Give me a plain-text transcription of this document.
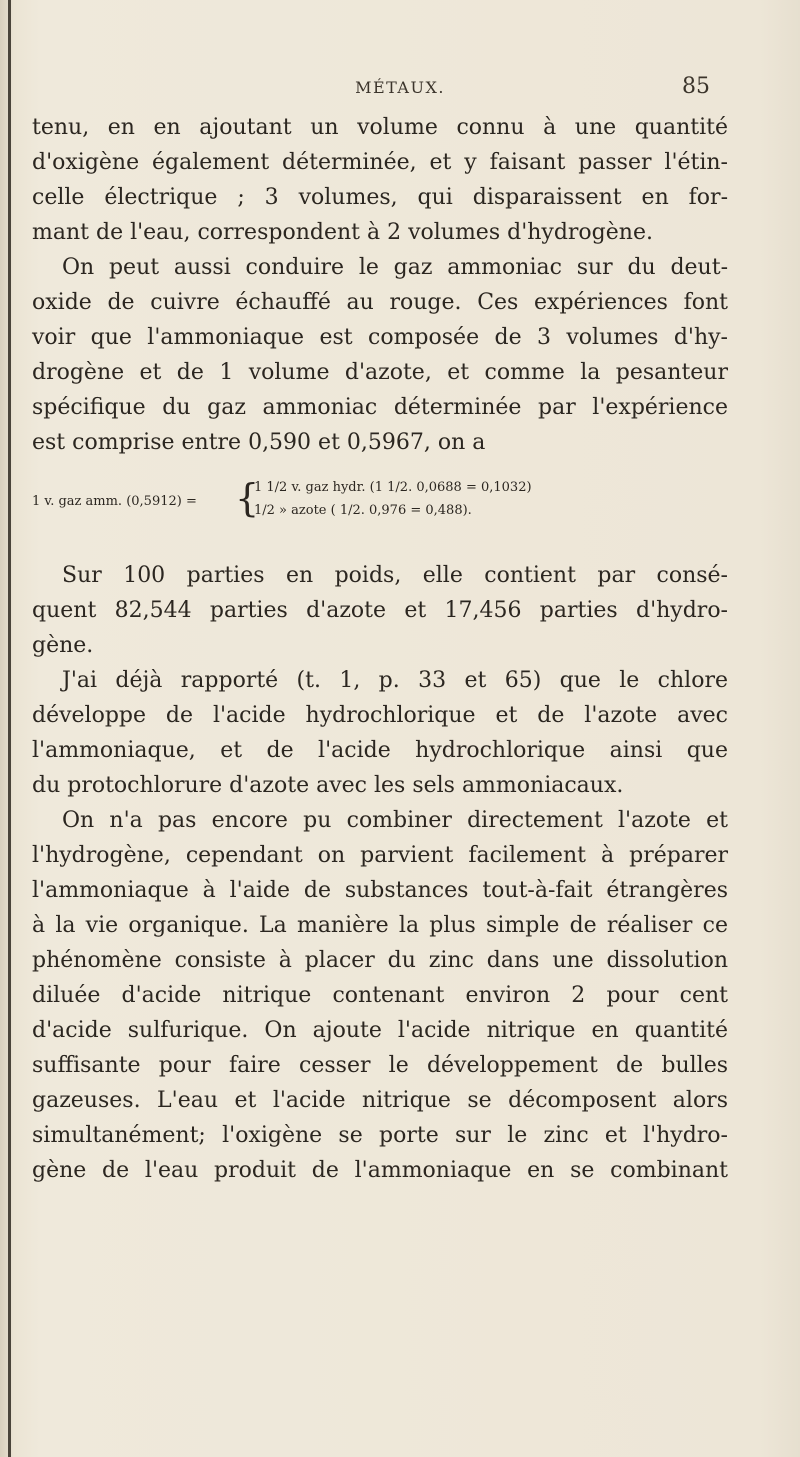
MÉTAUX.	85
tenu, en en ajoutant un volume connu à une quantité
d'oxigène également déterminée, et y faisant passer l'étin-
celle électrique ; 3 volumes, qui disparaissent en for-
mant de l'eau, correspondent à 2 volumes d'hydrogène.
On peut aussi conduire le gaz ammoniac sur du deut-
oxide de cuivre échauffé au rouge. Ces expériences font
voir que l'ammoniaque est composée de 3 volumes d'hy-
drogène et de 1 volume d'azote, et comme la pesanteur
spécifique du gaz ammoniac déterminée par l'expérience
est comprise entre 0,590 et 0,5967, on a
1 v. gaz amm. (0,5912) = {
1 1/2 v. gaz hydr. (1 1/2. 0,0688 = 0,1032)
1/2 » azote ( 1/2. 0,976 = 0,488).
Sur 100 parties en poids, elle contient par consé-
quent 82,544 parties d'azote et 17,456 parties d'hydro-
gène.
J'ai déjà rapporté (t. 1, p. 33 et 65) que le chlore
développe de l'acide hydrochlorique et de l'azote avec
l'ammoniaque, et de l'acide hydrochlorique ainsi que
du protochlorure d'azote avec les sels ammoniacaux.
On n'a pas encore pu combiner directement l'azote et
l'hydrogène, cependant on parvient facilement à préparer
l'ammoniaque à l'aide de substances tout-à-fait étrangères
à la vie organique. La manière la plus simple de réaliser ce
phénomène consiste à placer du zinc dans une dissolution
diluée d'acide nitrique contenant environ 2 pour cent
d'acide sulfurique. On ajoute l'acide nitrique en quantité
suffisante pour faire cesser le développement de bulles
gazeuses. L'eau et l'acide nitrique se décomposent alors
simultanément; l'oxigène se porte sur le zinc et l'hydro-
gène de l'eau produit de l'ammoniaque en se combinant
